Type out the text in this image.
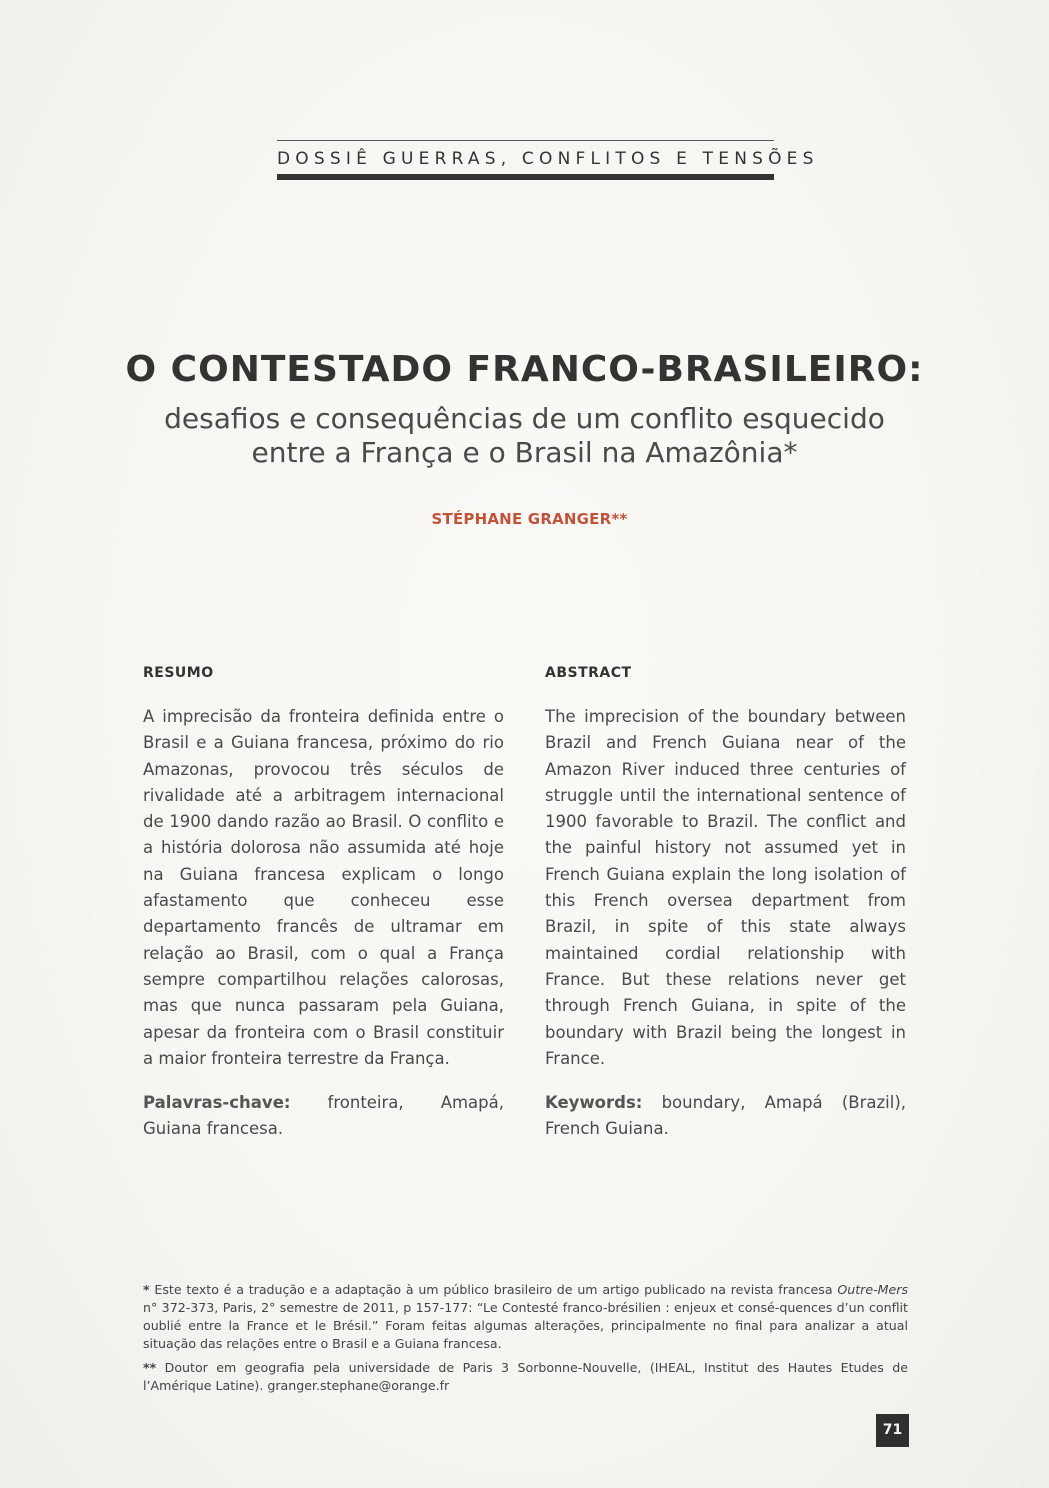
DOSSIÊ GUERRAS, CONFLITOS E TENSÕES
O CONTESTADO FRANCO-BRASILEIRO:
desafios e consequências de um conflito esquecido
entre a França e o Brasil na Amazônia*
STÉPHANE GRANGER**
RESUMO
A imprecisão da fronteira definida entre o Brasil e a Guiana francesa, próximo do rio Amazonas, provocou três séculos de rivalidade até a arbitragem internacional de 1900 dando razão ao Brasil. O conflito e a história dolorosa não assumida até hoje na Guiana francesa explicam o longo afastamento que conheceu esse departamento francês de ultramar em relação ao Brasil, com o qual a França sempre compartilhou relações calorosas, mas que nunca passaram pela Guiana, apesar da fronteira com o Brasil constituir a maior fronteira terrestre da França.
Palavras-chave: fronteira, Amapá, Guiana francesa.
ABSTRACT
The imprecision of the boundary between Brazil and French Guiana near of the Amazon River induced three centuries of struggle until the international sentence of 1900 favorable to Brazil. The conflict and the painful history not assumed yet in French Guiana explain the long isolation of this French oversea department from Brazil, in spite of this state always maintained cordial relationship with France. But these relations never get through French Guiana, in spite of the boundary with Brazil being the longest in France.
Keywords: boundary, Amapá (Brazil), French Guiana.

* Este texto é a tradução e a adaptação à um público brasileiro de um artigo publicado na revista francesa Outre-Mers n° 372-373, Paris, 2° semestre de 2011, p 157-177: “Le Contesté franco-brésilien : enjeux et consé-quences d’un conflit oublié entre la France et le Brésil.” Foram feitas algumas alterações, principalmente no final para analizar a atual situação das relações entre o Brasil e a Guiana francesa.

** Doutor em geografia pela universidade de Paris 3 Sorbonne-Nouvelle, (IHEAL, Institut des Hautes Etudes de l’Amérique Latine). granger.stephane@orange.fr

71
